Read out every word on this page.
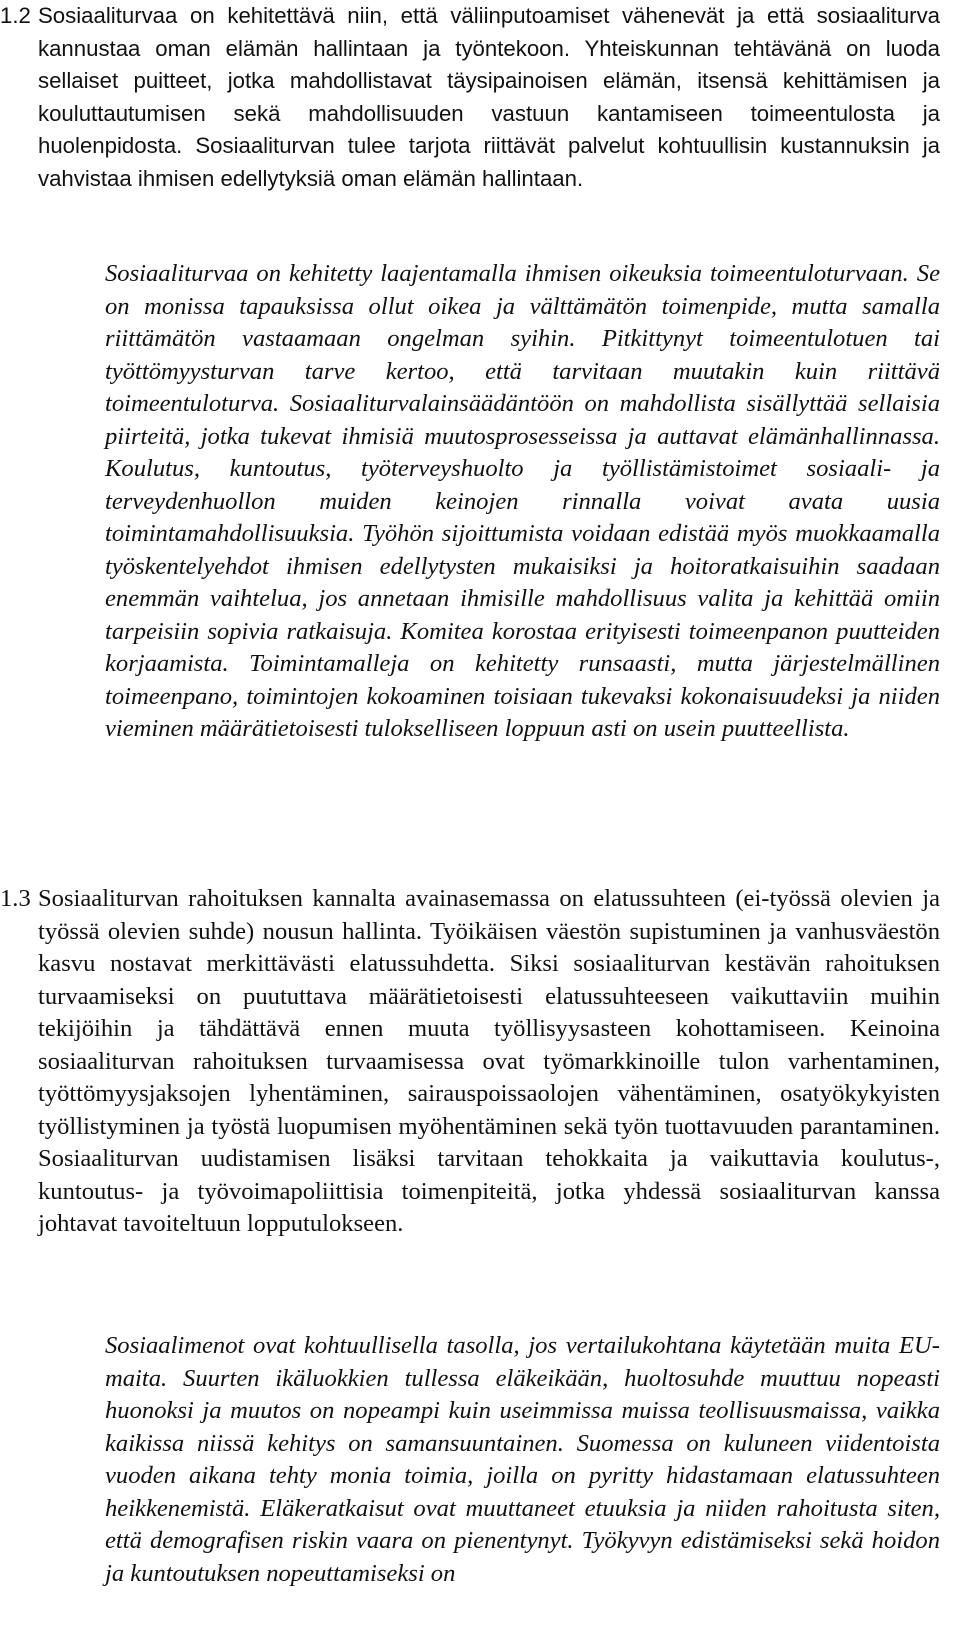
1.2 Sosiaaliturvaa on kehitettävä niin, että väliinputoamiset vähenevät ja että sosiaaliturva kannustaa oman elämän hallintaan ja työntekoon. Yhteiskunnan tehtävänä on luoda sellaiset puitteet, jotka mahdollistavat täysipainoisen elämän, itsensä kehittämisen ja kouluttautumisen sekä mahdollisuuden vastuun kantamiseen toimeentulosta ja huolenpidosta. Sosiaaliturvan tulee tarjota riittävät palvelut kohtuullisin kustannuksin ja vahvistaa ihmisen edellytyksiä oman elämän hallintaan.

Sosiaaliturvaa on kehitetty laajentamalla ihmisen oikeuksia toimeentuloturvaan. Se on monissa tapauksissa ollut oikea ja välttämätön toimenpide, mutta samalla riittämätön vastaamaan ongelman syihin. Pitkittynyt toimeentulotuen tai työttömyysturvan tarve kertoo, että tarvitaan muutakin kuin riittävä toimeentuloturva. Sosiaaliturvalainsäädäntöön on mahdollista sisällyttää sellaisia piirteitä, jotka tukevat ihmisiä muutosprosesseissa ja auttavat elämänhallinnassa. Koulutus, kuntoutus, työterveyshuolto ja työllistämistoimet sosiaali- ja terveydenhuollon muiden keinojen rinnalla voivat avata uusia toimintamahdollisuuksia. Työhön sijoittumista voidaan edistää myös muokkaamalla työskentelyehdot ihmisen edellytysten mukaisiksi ja hoitoratkaisuihin saadaan enemmän vaihtelua, jos annetaan ihmisille mahdollisuus valita ja kehittää omiin tarpeisiin sopivia ratkaisuja. Komitea korostaa erityisesti toimeenpanon puutteiden korjaamista. Toimintamalleja on kehitetty runsaasti, mutta järjestelmällinen toimeenpano, toimintojen kokoaminen toisiaan tukevaksi kokonaisuudeksi ja niiden vieminen määrätietoisesti tulokselliseen loppuun asti on usein puutteellista.

1.3 Sosiaaliturvan rahoituksen kannalta avainasemassa on elatussuhteen (ei-työssä olevien ja työssä olevien suhde) nousun hallinta. Työikäisen väestön supistuminen ja vanhusväestön kasvu nostavat merkittävästi elatussuhdetta. Siksi sosiaaliturvan kestävän rahoituksen turvaamiseksi on puututtava määrätietoisesti elatussuhteeseen vaikuttaviin muihin tekijöihin ja tähdättävä ennen muuta työllisyysasteen kohottamiseen. Keinoina sosiaaliturvan rahoituksen turvaamisessa ovat työmarkkinoille tulon varhentaminen, työttömyysjaksojen lyhentäminen, sairauspoissaolojen vähentäminen, osatyökykyisten työllistyminen ja työstä luopumisen myöhentäminen sekä työn tuottavuuden parantaminen. Sosiaaliturvan uudistamisen lisäksi tarvitaan tehokkaita ja vaikuttavia koulutus-, kuntoutus- ja työvoimapoliittisia toimenpiteitä, jotka yhdessä sosiaaliturvan kanssa johtavat tavoiteltuun lopputulokseen.

Sosiaalimenot ovat kohtuullisella tasolla, jos vertailukohtana käytetään muita EU-maita. Suurten ikäluokkien tullessa eläkeikään, huoltosuhde muuttuu nopeasti huonoksi ja muutos on nopeampi kuin useimmissa muissa teollisuusmaissa, vaikka kaikissa niissä kehitys on samansuuntainen. Suomessa on kuluneen viidentoista vuoden aikana tehty monia toimia, joilla on pyritty hidastamaan elatussuhteen heikkenemistä. Eläkeratkaisut ovat muuttaneet etuuksia ja niiden rahoitusta siten, että demografisen riskin vaara on pienentynyt. Työkyvyn edistämiseksi sekä hoidon ja kuntoutuksen nopeuttamiseksi on
